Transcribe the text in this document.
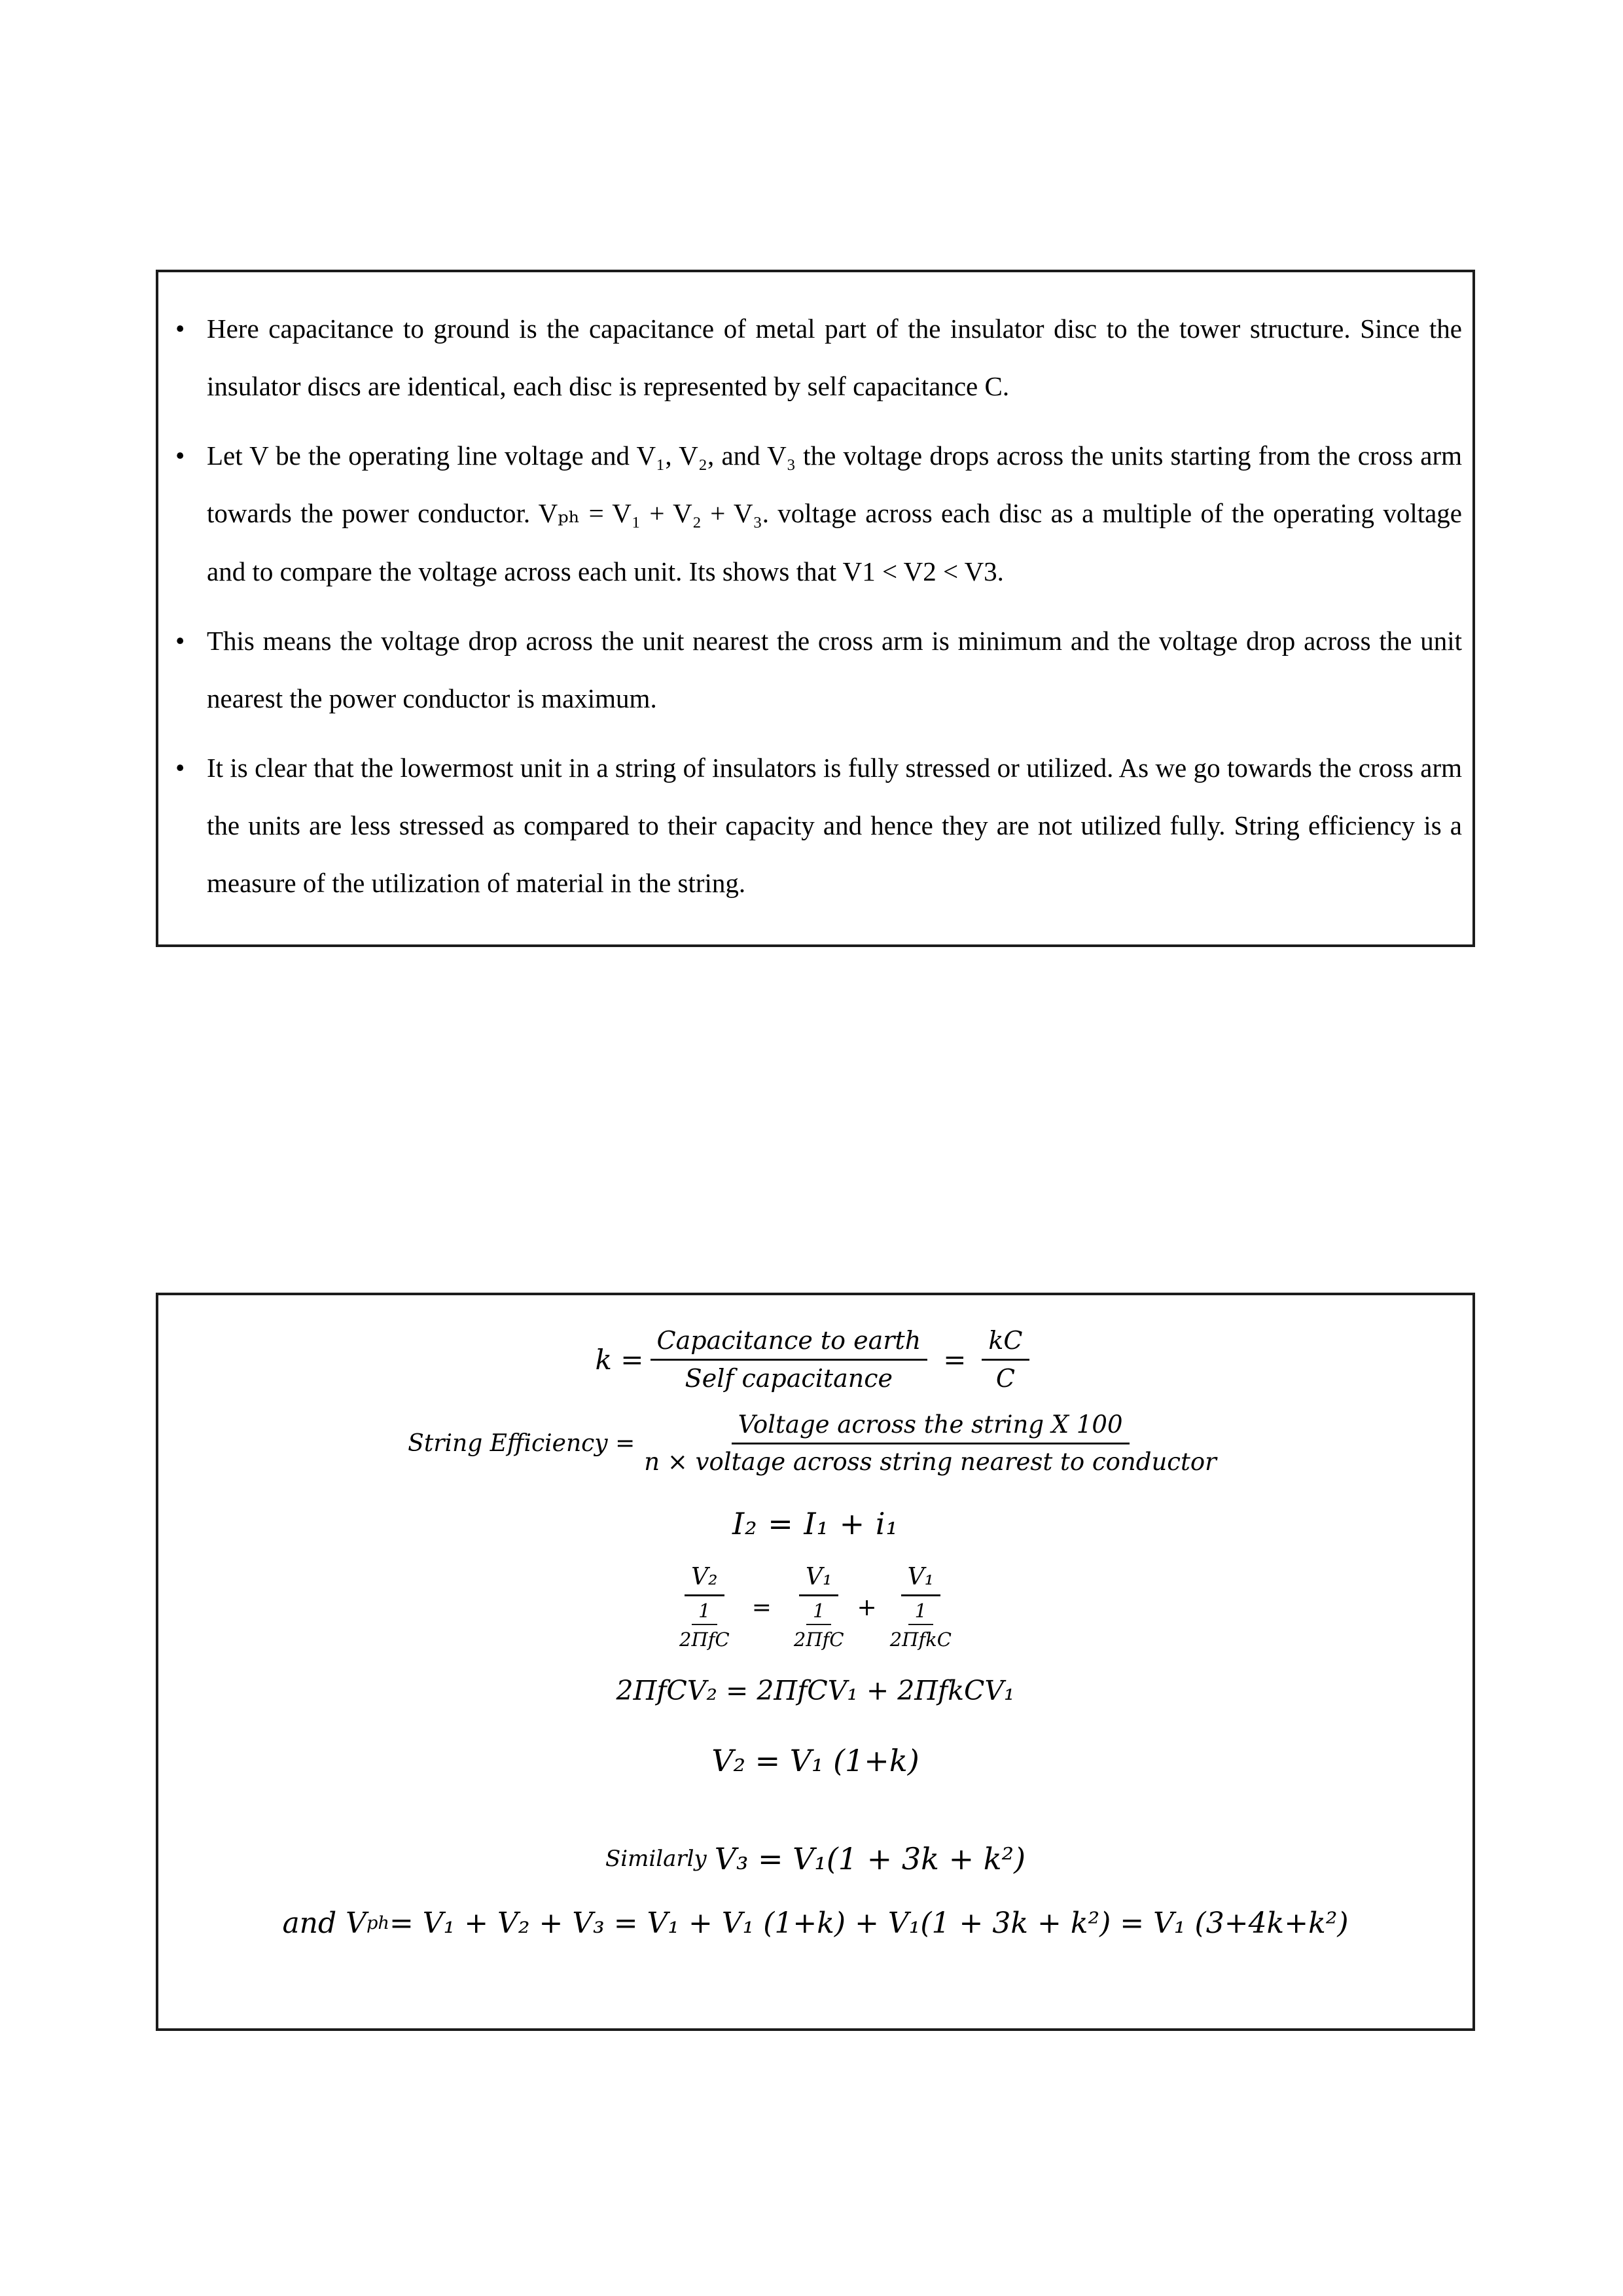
• Here capacitance to ground is the capacitance of metal part of the insulator disc to the tower structure. Since the insulator discs are identical, each disc is represented by self capacitance C.
• Let V be the operating line voltage and V₁, V₂, and V₃ the voltage drops across the units starting from the cross arm towards the power conductor. Vₚₕ = V₁ + V₂ + V₃. voltage across each disc as a multiple of the operating voltage and to compare the voltage across each unit. Its shows that V1 < V2 < V3.
• This means the voltage drop across the unit nearest the cross arm is minimum and the voltage drop across the unit nearest the power conductor is maximum.
• It is clear that the lowermost unit in a string of insulators is fully stressed or utilized. As we go towards the cross arm the units are less stressed as compared to their capacity and hence they are not utilized fully. String efficiency is a measure of the utilization of material in the string.
$k = \frac{\text{Capacitance to earth}}{\text{Self capacitance}} = \frac{kC}{C}$
String Efficiency = $\frac{\text{Voltage across the string X 100}}{\text{n × voltage across string nearest to conductor}}$
I₂ = I₁ + i₁
$\frac{\text{V₂}}{\frac{1}{\text{2ΠfC}}} = \frac{\text{V₁}}{\frac{1}{\text{2ΠfC}}} + \frac{\text{V₁}}{\frac{1}{\text{2ΠfkC}}}$
2ΠfCV₂ = 2ΠfCV₁ + 2ΠfkCV₁
V₂ = V₁ (1+k)
Similarly V₃ = V₁(1 + 3k + k²)
and V ph = V₁ + V₂ + V₃ = V₁ + V₁ (1+k) + V₁(1 + 3k + k²) = V₁ (3+4k+k²)
